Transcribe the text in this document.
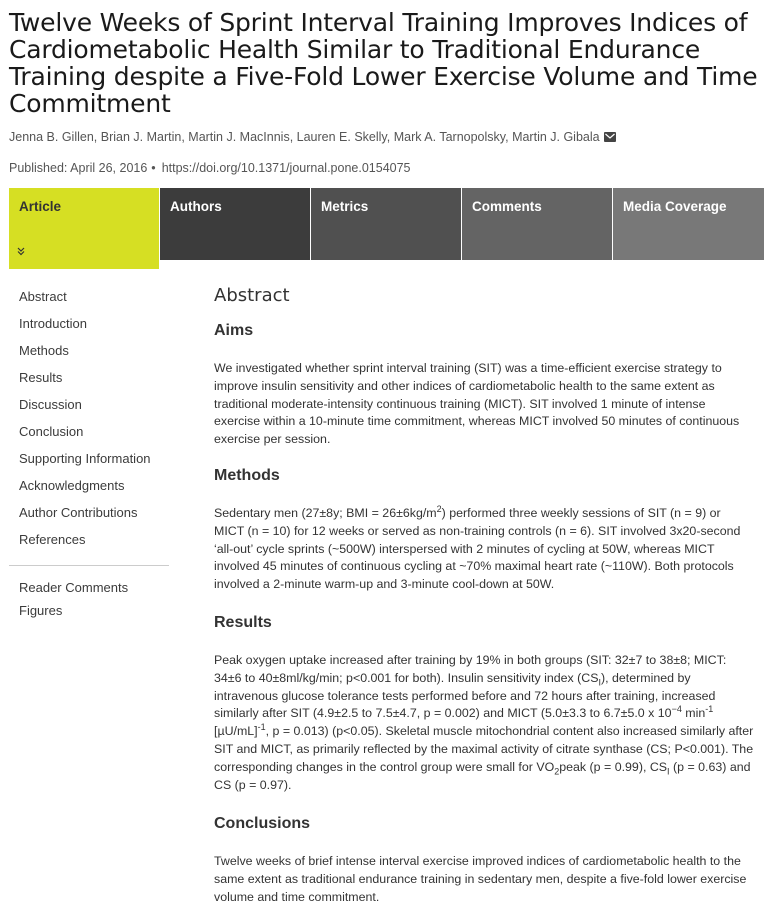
Twelve Weeks of Sprint Interval Training Improves Indices of Cardiometabolic Health Similar to Traditional Endurance Training despite a Five-Fold Lower Exercise Volume and Time Commitment
Jenna B. Gillen, Brian J. Martin, Martin J. MacInnis, Lauren E. Skelly, Mark A. Tarnopolsky, Martin J. Gibala
Published: April 26, 2016 • https://doi.org/10.1371/journal.pone.0154075
Article	Authors	Metrics	Comments	Media Coverage
Abstract
Introduction
Methods
Results
Discussion
Conclusion
Supporting Information
Acknowledgments
Author Contributions
References
Reader Comments
Figures
Abstract
Aims

We investigated whether sprint interval training (SIT) was a time-efficient exercise strategy to improve insulin sensitivity and other indices of cardiometabolic health to the same extent as traditional moderate-intensity continuous training (MICT). SIT involved 1 minute of intense exercise within a 10-minute time commitment, whereas MICT involved 50 minutes of continuous exercise per session.

Methods

Sedentary men (27±8y; BMI = $26\pm 6kg/m^2$) performed three weekly sessions of SIT (n = 9) or MICT (n = 10) for 12 weeks or served as non-training controls (n = 6). SIT involved 3x20-second ‘all-out’ cycle sprints (~500W) interspersed with 2 minutes of cycling at 50W, whereas MICT involved 45 minutes of continuous cycling at ~70% maximal heart rate (~110W). Both protocols involved a 2-minute warm-up and 3-minute cool-down at 50W.

Results

Peak oxygen uptake increased after training by 19% in both groups (SIT: 32±7 to 38±8; MICT: 34±6 to 40±8ml/kg/min; p<0.001 for both). Insulin sensitivity index $(CS_I)$, determined by intravenous glucose tolerance tests performed before and 72 hours after training, increased similarly after SIT (4.9±2.5 to 7.5±4.7, p = 0.002) and MICT (5.0±3.3 to 6.7±5.0 x $10^{-4}$ $\min^{-1} [\mu U/mL]^{-1}$, p = 0.013) (p<0.05). Skeletal muscle mitochondrial content also increased similarly after SIT and MICT, as primarily reflected by the maximal activity of citrate synthase (CS; P<0.001). The corresponding changes in the control group were small for $VO_2peak$ (p = 0.99), $CS_I$ (p = 0.63) and CS (p = 0.97).

Conclusions

Twelve weeks of brief intense interval exercise improved indices of cardiometabolic health to the same extent as traditional endurance training in sedentary men, despite a five-fold lower exercise volume and time commitment.
